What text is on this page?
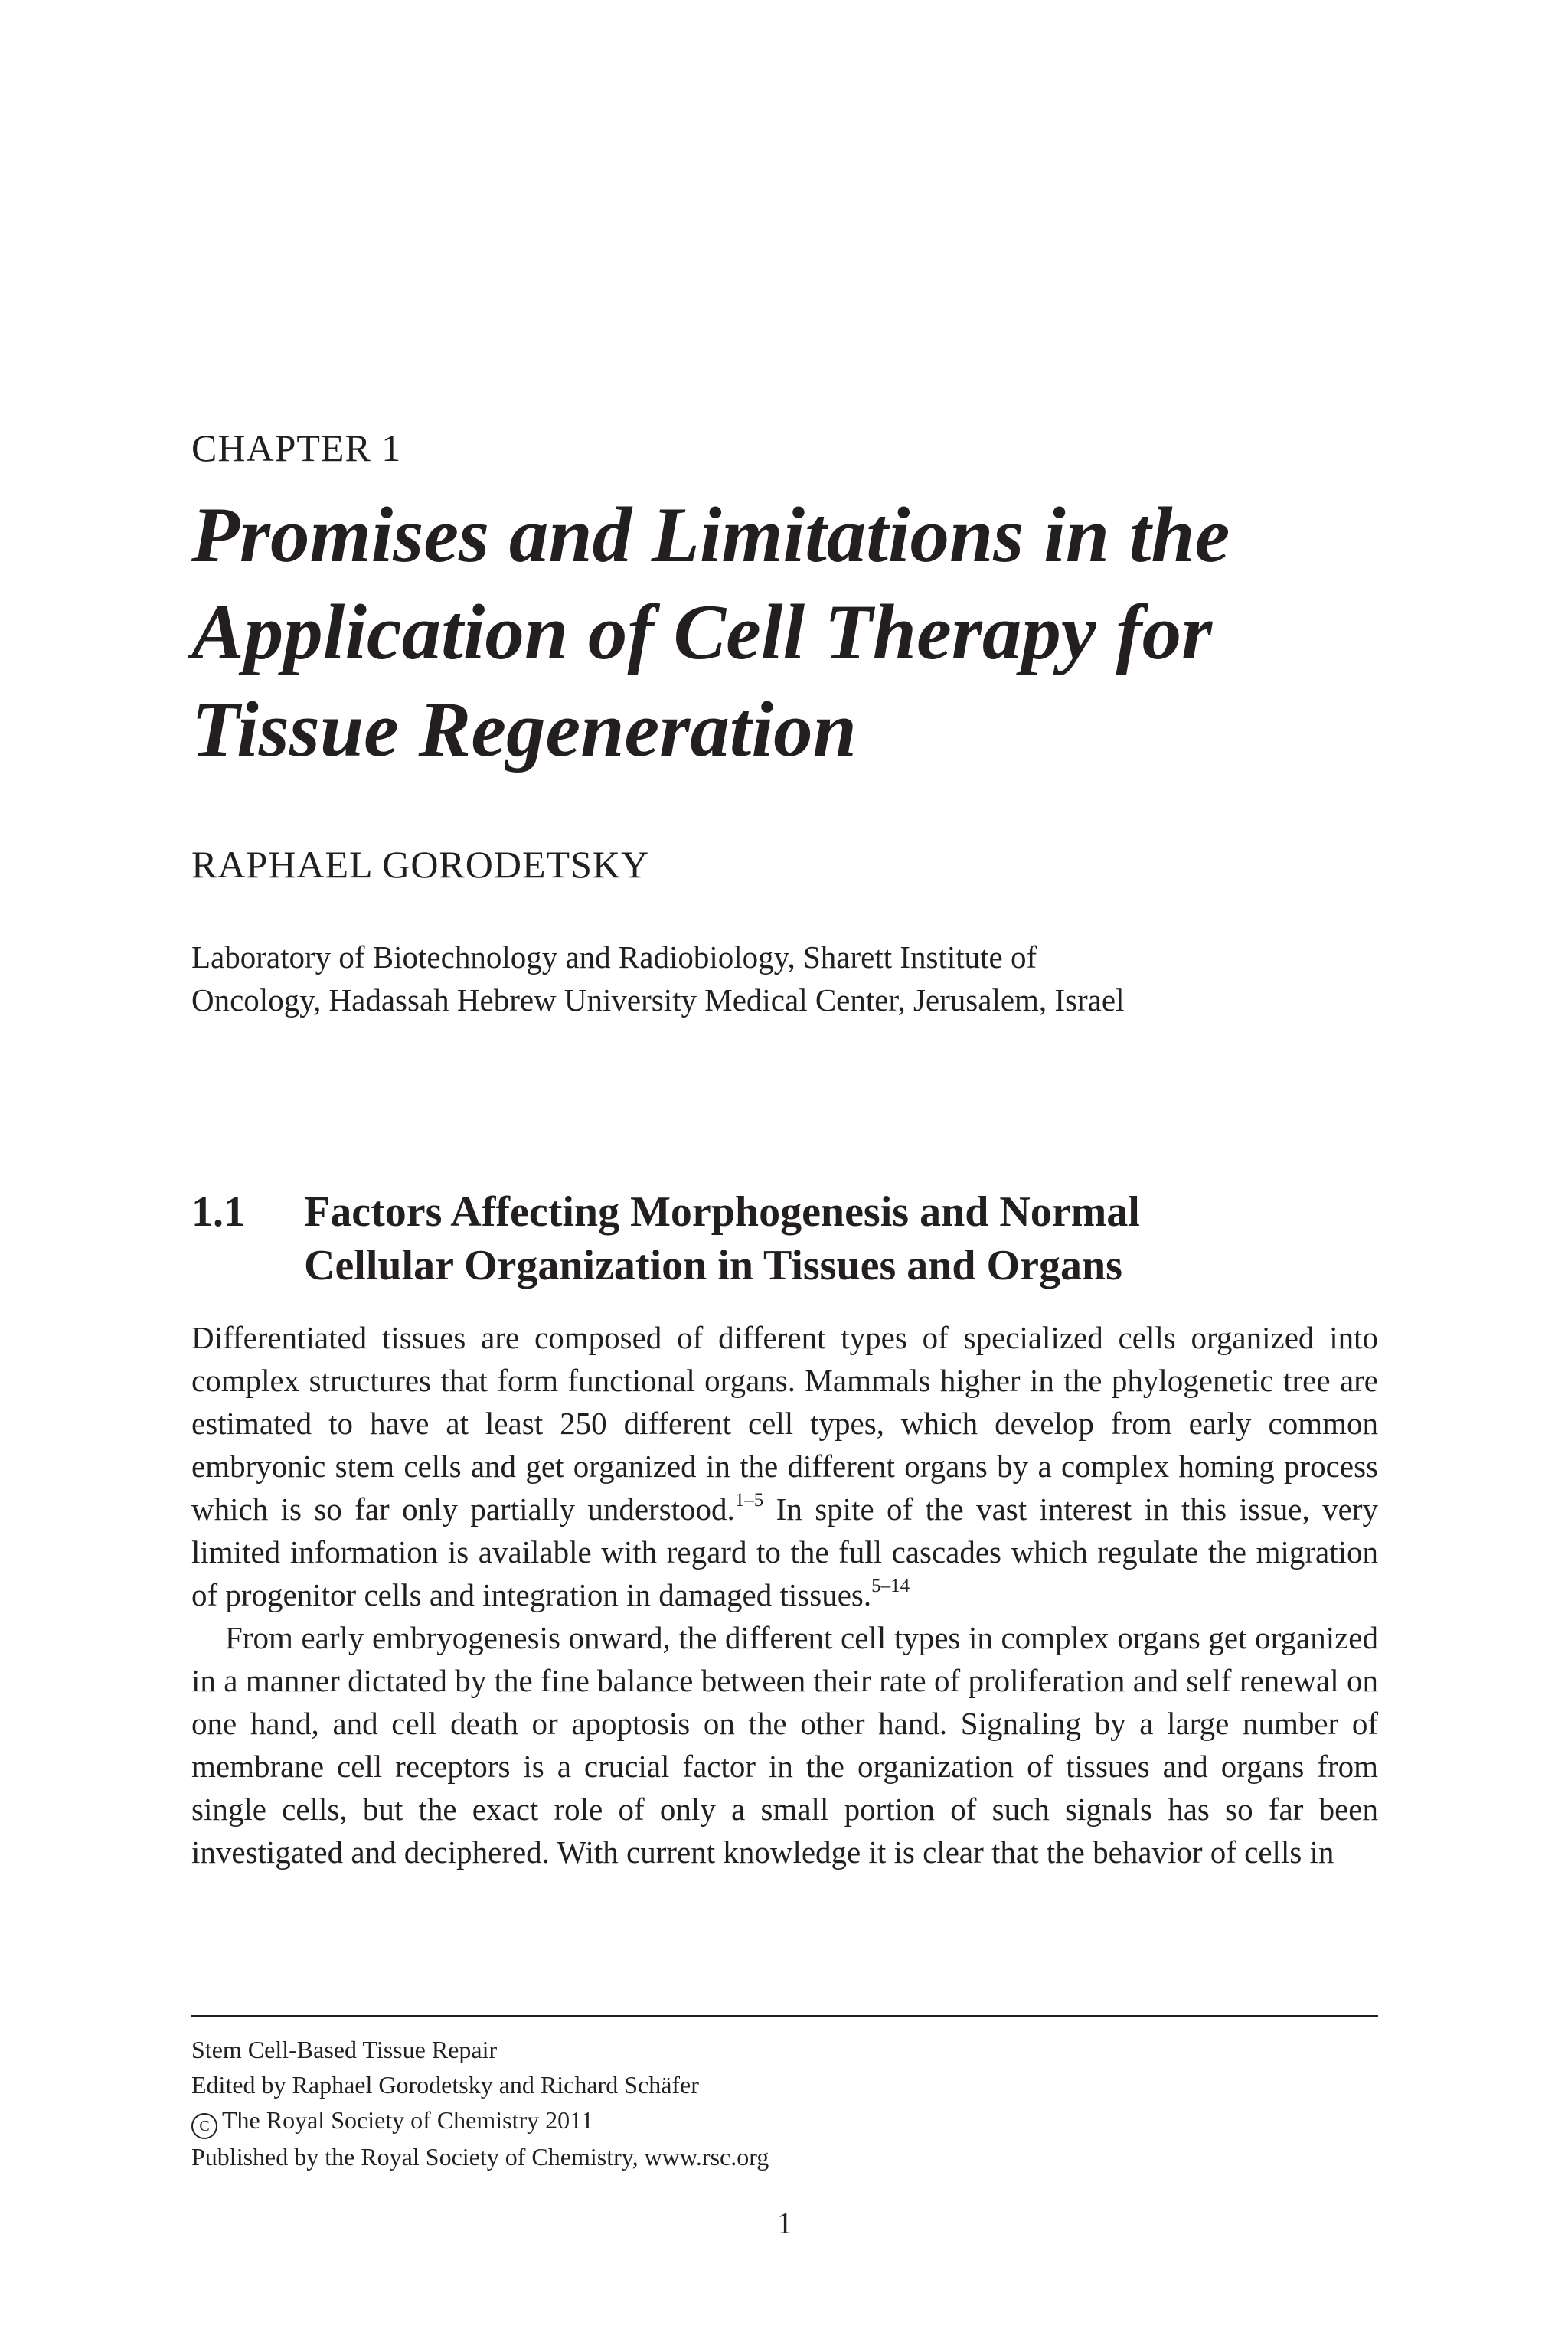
CHAPTER 1
Promises and Limitations in the
Application of Cell Therapy for
Tissue Regeneration
RAPHAEL GORODETSKY
Laboratory of Biotechnology and Radiobiology, Sharett Institute of
Oncology, Hadassah Hebrew University Medical Center, Jerusalem, Israel
1.1 Factors Affecting Morphogenesis and Normal
Cellular Organization in Tissues and Organs

Differentiated tissues are composed of different types of specialized cells organized into complex structures that form functional organs. Mammals higher in the phylogenetic tree are estimated to have at least 250 different cell types, which develop from early common embryonic stem cells and get organized in the different organs by a complex homing process which is so far only partially understood.$^{1-5}$ In spite of the vast interest in this issue, very limited information is available with regard to the full cascades which regulate the migration of progenitor cells and integration in damaged tissues.$^{5-14}$

From early embryogenesis onward, the different cell types in complex organs get organized in a manner dictated by the fine balance between their rate of proliferation and self renewal on one hand, and cell death or apoptosis on the other hand. Signaling by a large number of membrane cell receptors is a crucial factor in the organization of tissues and organs from single cells, but the exact role of only a small portion of such signals has so far been investigated and deciphered. With current knowledge it is clear that the behavior of cells in

Stem Cell-Based Tissue Repair
Edited by Raphael Gorodetsky and Richard Schäfer
C The Royal Society of Chemistry 2011
Published by the Royal Society of Chemistry, www.rsc.org
1
